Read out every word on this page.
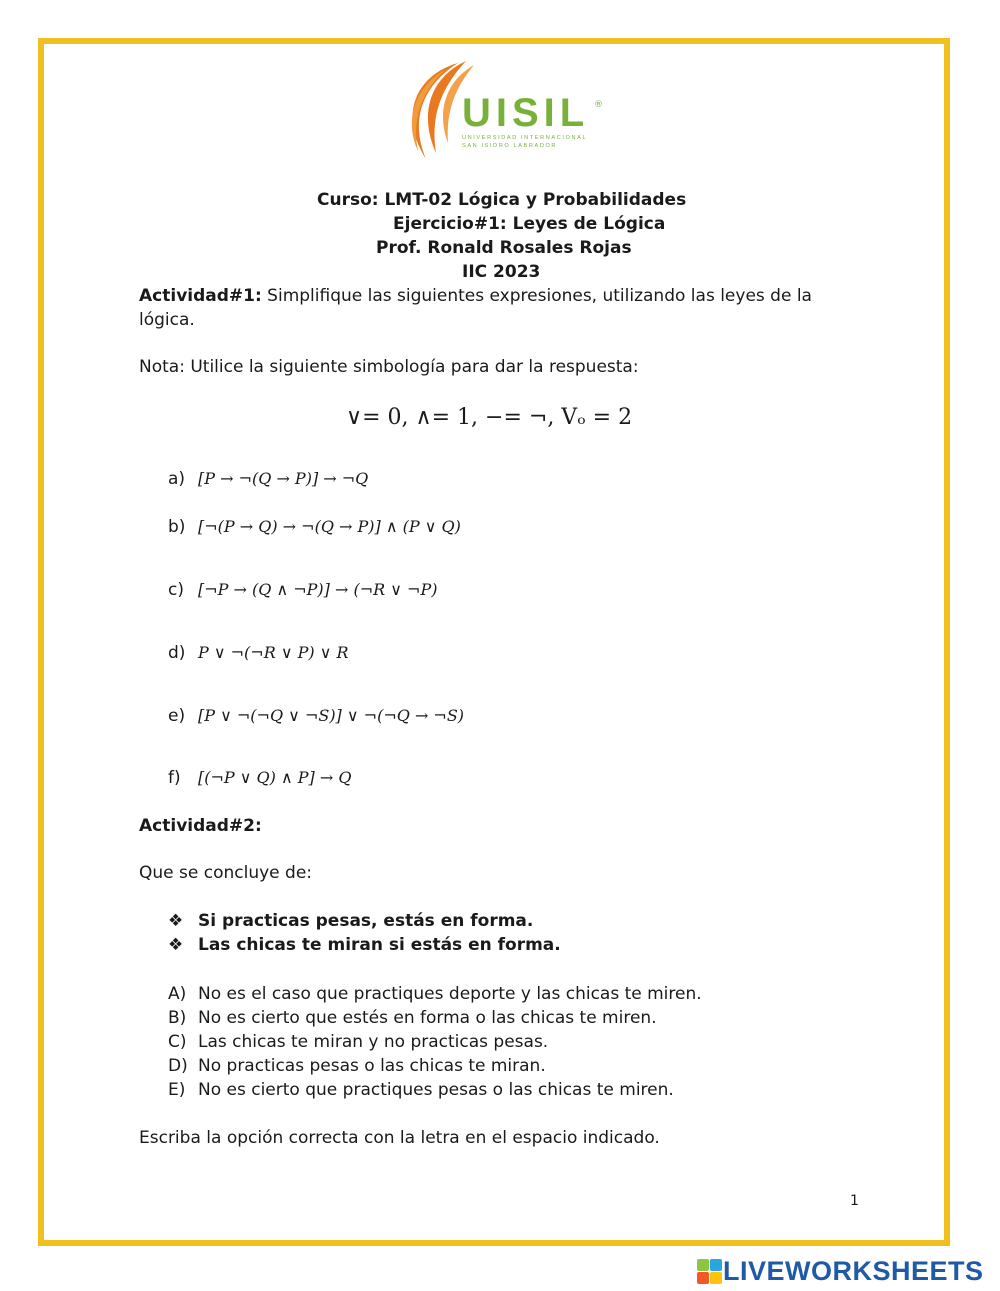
UISIL ®
UNIVERSIDAD INTERNACIONAL
SAN ISIDRO LABRADOR
Curso: LMT-02 Lógica y Probabilidades
Ejercicio#1: Leyes de Lógica
Prof. Ronald Rosales Rojas
IIC 2023
Actividad#1: Simplifique las siguientes expresiones, utilizando las leyes de la
lógica.
Nota: Utilice la siguiente simbología para dar la respuesta:
∨= 0, ∧= 1, −= ¬, Vₒ = 2
a) [P → ¬(Q → P)] → ¬Q
b) [¬(P → Q) → ¬(Q → P)] ∧ (P ∨ Q)
c) [¬P → (Q ∧ ¬P)] → (¬R ∨ ¬P)
d) P ∨ ¬(¬R ∨ P) ∨ R
e) [P ∨ ¬(¬Q ∨ ¬S)] ∨ ¬(¬Q → ¬S)
f) [(¬P ∨ Q) ∧ P] → Q
Actividad#2:
Que se concluye de:
❖ Si practicas pesas, estás en forma.
❖ Las chicas te miran si estás en forma.
A) No es el caso que practiques deporte y las chicas te miren.
B) No es cierto que estés en forma o las chicas te miren.
C) Las chicas te miran y no practicas pesas.
D) No practicas pesas o las chicas te miran.
E) No es cierto que practiques pesas o las chicas te miren.
Escriba la opción correcta con la letra en el espacio indicado.
1
LIVEWORKSHEETS
